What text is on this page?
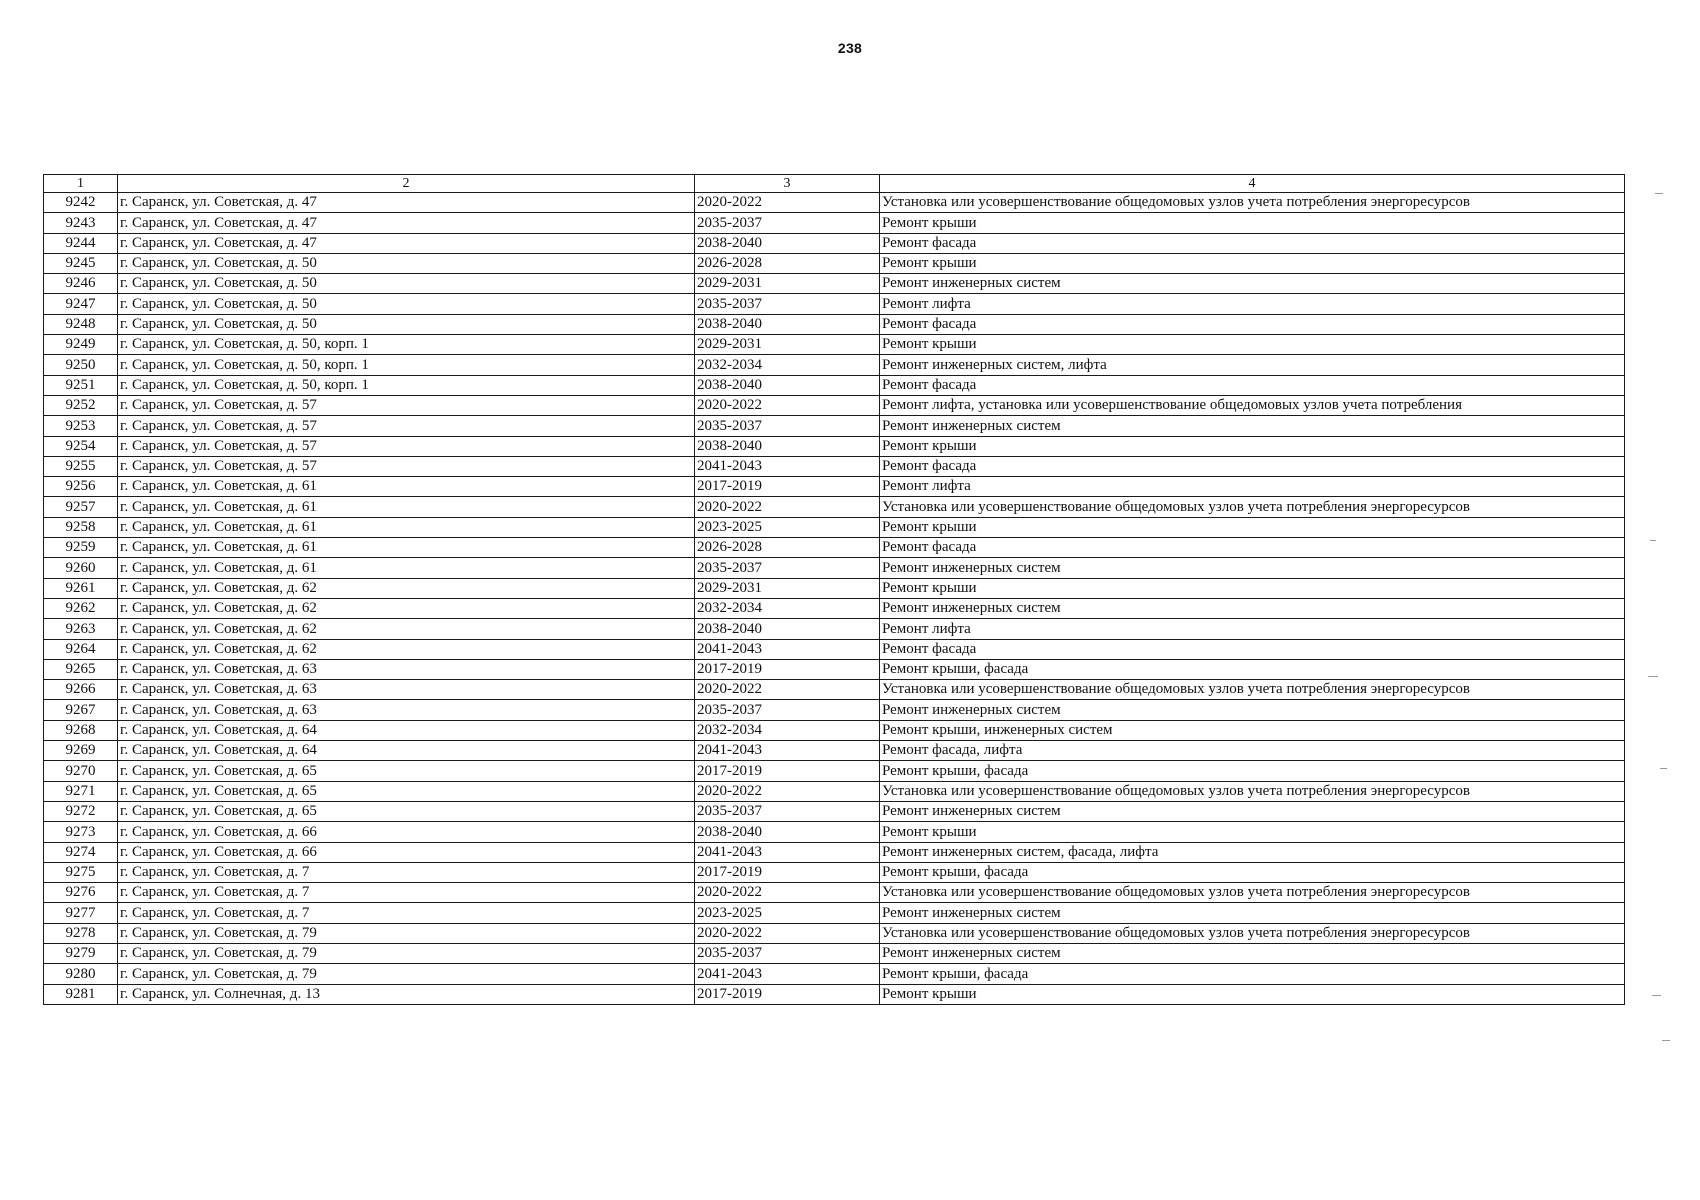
238
1	2	3	4
9242	г. Саранск, ул. Советская, д. 47	2020-2022	Установка или усовершенствование общедомовых узлов учета потребления энергоресурсов
9243	г. Саранск, ул. Советская, д. 47	2035-2037	Ремонт крыши
9244	г. Саранск, ул. Советская, д. 47	2038-2040	Ремонт фасада
9245	г. Саранск, ул. Советская, д. 50	2026-2028	Ремонт крыши
9246	г. Саранск, ул. Советская, д. 50	2029-2031	Ремонт инженерных систем
9247	г. Саранск, ул. Советская, д. 50	2035-2037	Ремонт лифта
9248	г. Саранск, ул. Советская, д. 50	2038-2040	Ремонт фасада
9249	г. Саранск, ул. Советская, д. 50, корп. 1	2029-2031	Ремонт крыши
9250	г. Саранск, ул. Советская, д. 50, корп. 1	2032-2034	Ремонт инженерных систем, лифта
9251	г. Саранск, ул. Советская, д. 50, корп. 1	2038-2040	Ремонт фасада
9252	г. Саранск, ул. Советская, д. 57	2020-2022	Ремонт лифта, установка или усовершенствование общедомовых узлов учета потребления
9253	г. Саранск, ул. Советская, д. 57	2035-2037	Ремонт инженерных систем
9254	г. Саранск, ул. Советская, д. 57	2038-2040	Ремонт крыши
9255	г. Саранск, ул. Советская, д. 57	2041-2043	Ремонт фасада
9256	г. Саранск, ул. Советская, д. 61	2017-2019	Ремонт лифта
9257	г. Саранск, ул. Советская, д. 61	2020-2022	Установка или усовершенствование общедомовых узлов учета потребления энергоресурсов
9258	г. Саранск, ул. Советская, д. 61	2023-2025	Ремонт крыши
9259	г. Саранск, ул. Советская, д. 61	2026-2028	Ремонт фасада
9260	г. Саранск, ул. Советская, д. 61	2035-2037	Ремонт инженерных систем
9261	г. Саранск, ул. Советская, д. 62	2029-2031	Ремонт крыши
9262	г. Саранск, ул. Советская, д. 62	2032-2034	Ремонт инженерных систем
9263	г. Саранск, ул. Советская, д. 62	2038-2040	Ремонт лифта
9264	г. Саранск, ул. Советская, д. 62	2041-2043	Ремонт фасада
9265	г. Саранск, ул. Советская, д. 63	2017-2019	Ремонт крыши, фасада
9266	г. Саранск, ул. Советская, д. 63	2020-2022	Установка или усовершенствование общедомовых узлов учета потребления энергоресурсов
9267	г. Саранск, ул. Советская, д. 63	2035-2037	Ремонт инженерных систем
9268	г. Саранск, ул. Советская, д. 64	2032-2034	Ремонт крыши, инженерных систем
9269	г. Саранск, ул. Советская, д. 64	2041-2043	Ремонт фасада, лифта
9270	г. Саранск, ул. Советская, д. 65	2017-2019	Ремонт крыши, фасада
9271	г. Саранск, ул. Советская, д. 65	2020-2022	Установка или усовершенствование общедомовых узлов учета потребления энергоресурсов
9272	г. Саранск, ул. Советская, д. 65	2035-2037	Ремонт инженерных систем
9273	г. Саранск, ул. Советская, д. 66	2038-2040	Ремонт крыши
9274	г. Саранск, ул. Советская, д. 66	2041-2043	Ремонт инженерных систем, фасада, лифта
9275	г. Саранск, ул. Советская, д. 7	2017-2019	Ремонт крыши, фасада
9276	г. Саранск, ул. Советская, д. 7	2020-2022	Установка или усовершенствование общедомовых узлов учета потребления энергоресурсов
9277	г. Саранск, ул. Советская, д. 7	2023-2025	Ремонт инженерных систем
9278	г. Саранск, ул. Советская, д. 79	2020-2022	Установка или усовершенствование общедомовых узлов учета потребления энергоресурсов
9279	г. Саранск, ул. Советская, д. 79	2035-2037	Ремонт инженерных систем
9280	г. Саранск, ул. Советская, д. 79	2041-2043	Ремонт крыши, фасада
9281	г. Саранск, ул. Солнечная, д. 13	2017-2019	Ремонт крыши
